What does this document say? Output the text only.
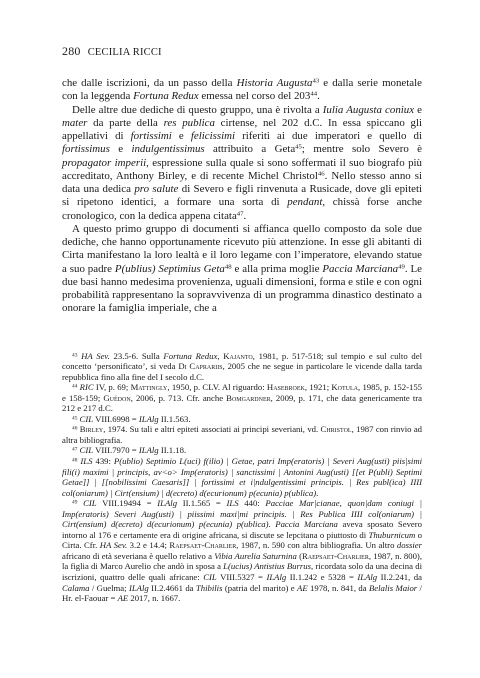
280 CECILIA RICCI

che dalle iscrizioni, da un passo della Historia Augusta$^{43}$ e dalla serie monetale con la leggenda Fortuna Redux emessa nel corso del $203^{44}$.

Delle altre due dediche di questo gruppo, una è rivolta a Iulia Augusta coniux e mater da parte della res publica cirtense, nel 202 d.C. In essa spiccano gli appellativi di fortissimi e felicissimi riferiti ai due imperatori e quello di fortissimus e indulgentissimus attribuito a Geta$^{45}$; mentre solo Severo è propagator imperii, espressione sulla quale si sono soffermati il suo biografo più accreditato, Anthony Birley, e di recente Michel Christol$^{46}$. Nello stesso anno si data una dedica pro salute di Severo e figli rinvenuta a Rusicade, dove gli epiteti si ripetono identici, a formare una sorta di pendant, chissà forse anche cronologico, con la dedica appena citata$^{47}$.

A questo primo gruppo di documenti si affianca quello composto da sole due dediche, che hanno opportunamente ricevuto più attenzione. In esse gli abitanti di Cirta manifestano la loro lealtà e il loro legame con l’imperatore, elevando statue a suo padre P(ublius) Septimius Geta$^{48}$ e alla prima moglie Paccia Marciana$^{49}$. Le due basi hanno medesima provenienza, uguali dimensioni, forma e stile e con ogni probabilità rappresentano la sopravvivenza di un programma dinastico destinato a onorare la famiglia imperiale, che a

$^{43}$ HA Sev. 23.5-6. Sulla Fortuna Redux, Kajanto, 1981, p. 517-518; sul tempio e sul culto del concetto ‘personificato’, si veda Di Caprariis, 2005 che ne segue in particolare le vicende dalla tarda repubblica fino alla fine del I secolo d.C.

$^{44}$ RIC IV, p. 69; Mattingly, 1950, p. CLV. Al riguardo: Hasebroek, 1921; Kotula, 1985, p. 152-155 e 158-159; Guédon, 2006, p. 713. Cfr. anche Bomgardner, 2009, p. 171, che data genericamente tra 212 e 217 d.C.

$^{45}$ CIL VIII.6998 = ILAlg II.1.563.

$^{46}$ Birley, 1974. Su tali e altri epiteti associati ai principi severiani, vd. Christol, 1987 con rinvio ad altra bibliografia.

$^{47}$ CIL VIII.7970 = ILAlg II.1.18.

$^{48}$ ILS 439: P(ublio) Septimio L(uci) f(ilio) | Getae, patri Imp(eratoris) | Severi Aug(usti) piis|simi fili(i) maximi | principis, av<o> Imp(eratoris) | sanctissimi | Antonini Aug(usti) [[et P(ubli) Septimi Getae]] | [[nobilissimi Caesaris]] | fortissimi et i|ndulgentissimi principis. | Res publ(ica) IIII col(oniarum) | Cirt(ensium) | d(ecreto) d(ecurionum) p(ecunia) p(ublica).

$^{49}$ CIL VIII.19494 = ILAlg II.1.565 = ILS 440: Pacciae Mar|cianae, quon|dam coniugi | Imp(eratoris) Severi Aug(usti) | piissimi maxi|mi principis. | Res Publica IIII col(oniarum) | Cirt(ensium) d(ecreto) d(ecurionum) p(ecunia) p(ublica). Paccia Marciana aveva sposato Severo intorno al 176 e certamente era di origine africana, si discute se lepcitana o piuttosto di Thuburnicum o Cirta. Cfr. HA Sev. 3.2 e 14.4; Raepsaet-Charlier, 1987, n. 590 con altra bibliografia. Un altro dossier africano di età severiana è quello relativo a Vibia Aurelia Saturnina (Raepsaet-Charlier, 1987, n. 800), la figlia di Marco Aurelio che andò in sposa a L(ucius) Antistius Burrus, ricordata solo da una decina di iscrizioni, quattro delle quali africane: CIL VIII.5327 = ILAlg II.1.242 e 5328 = ILAlg II.2.241, da Calama / Guelma; ILAlg II.2.4661 da Thibilis (patria del marito) e AE 1978, n. 841, da Belalis Maior / Hr. el-Faouar = AE 2017, n. 1667.
